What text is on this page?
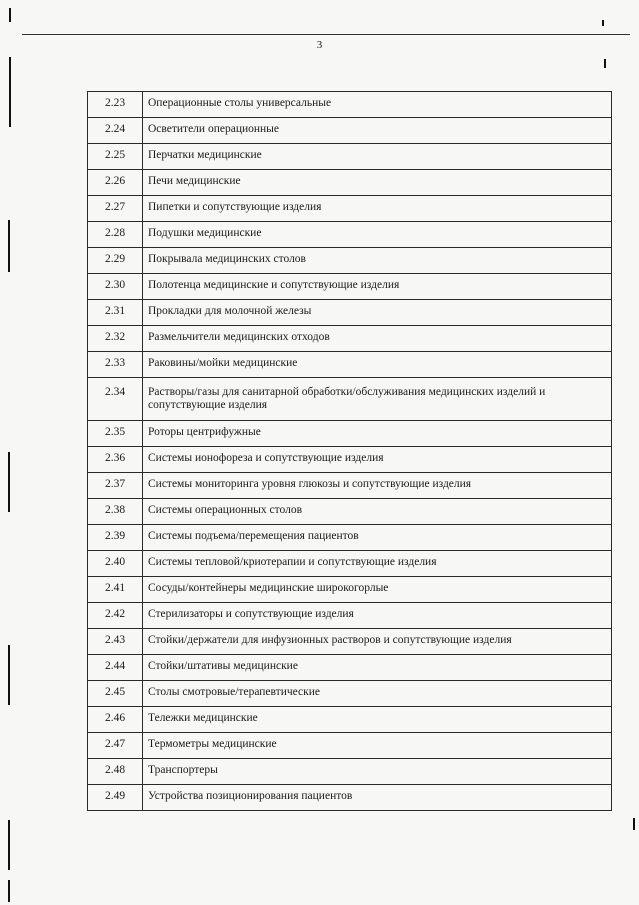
3
2.23	Операционные столы универсальные
2.24	Осветители операционные
2.25	Перчатки медицинские
2.26	Печи медицинские
2.27	Пипетки и сопутствующие изделия
2.28	Подушки медицинские
2.29	Покрывала медицинских столов
2.30	Полотенца медицинские и сопутствующие изделия
2.31	Прокладки для молочной железы
2.32	Размельчители медицинских отходов
2.33	Раковины/мойки медицинские
2.34	Растворы/газы для санитарной обработки/обслуживания медицинских изделий и сопутствующие изделия
2.35	Роторы центрифужные
2.36	Системы ионофореза и сопутствующие изделия
2.37	Системы мониторинга уровня глюкозы и сопутствующие изделия
2.38	Системы операционных столов
2.39	Системы подъема/перемещения пациентов
2.40	Системы тепловой/криотерапии и сопутствующие изделия
2.41	Сосуды/контейнеры медицинские широкогорлые
2.42	Стерилизаторы и сопутствующие изделия
2.43	Стойки/держатели для инфузионных растворов и сопутствующие изделия
2.44	Стойки/штативы медицинские
2.45	Столы смотровые/терапевтические
2.46	Тележки медицинские
2.47	Термометры медицинские
2.48	Транспортеры
2.49	Устройства позиционирования пациентов
